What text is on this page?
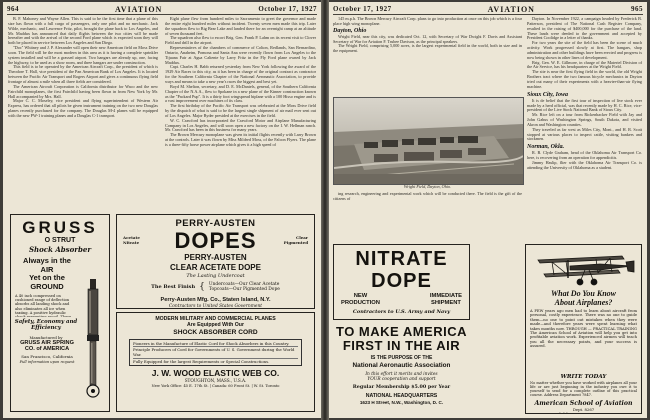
964	AVIATION	October 17, 1927

B. F. Mahoney and Wayne Allen. This is said to be the first time that a plane of this size has flown with a full cargo of passengers, only one pilot and no mechanic. Jack Wilde, mechanic, and Lawrence Fritz, pilot, brought the plane back to Los Angeles, and Mr. Maddux has announced that daily flights between the two cities will be made hereafter and with the arrival of the second Ford plane which is expected soon they will both be placed in service between Los Angeles and San Diego.

"Doc" Whitney and J. P. Alexander will open their new American field on Moss Drive soon. The field will be the most modern in this area as it is having a complete sprinkler system installed and will be a grassed airport. Two hangars are already up, one, facing the highway, to be used as a show room, and three hangars are under construction.

This field is to be operated by the American Aircraft Corp., the president of which is Theodore T. Hall, vice president of the Pan American Bank of Los Angeles. It is located between the Pacific Air Transport and Rogers Airport and gives a continuous flying field frontage of almost a mile when all three fields are considered.

The American Aircraft Corporation is California distributor for Waco and the new Fairchild monoplanes, the first Fairchild having been flown in from New York by Mr. Hall accompanied by Mrs. Hall.

Major C. C. Moseley, vice president and flying superintendent of Western Air Express, has ordered that all pilots be given instrument training on the two new Douglas planes recently purchased for the company. The Douglas M-4 planes will be equipped with the new PW-1 training planes and a Douglas C-1 transport.

Eight plane flew from hundred miles to Sacramento to greet the governor and made the entire eight hundred miles without incident. Twenty seven men made this trip. Later the squadron flew to Big Bear Lake and landed there for an overnight camp at an altitude of seven thousand feet.

The squadron also flew to escort Brig. Gen. Frank P. Lahm on its recent visit to Clover Field and drill in the airport.

Representatives of the chambers of commerce of Colton, Redlands, San Bernardino, Ontario, Anaheim, Pomona and Santa Ana were recently flown from Los Angeles to the Tijuana Fair at Agua Caliente by Larry Fritz in the Fly Ford plane owned by Jack Maddux.

Capt. Charles H. Babb returned yesterday from New York following the award of the 1929 Air Races to this city, as it has been in charge of the original contract as contractor for the Southern California Chapter of the National Aeronautic Association, to provide ways and means to take a new year's races the biggest and best yet.

Boyd M. Shelton, secretary, and D. E. McDaniels, general, of the Southern California Chapter of the N.A.A., flew to Spokane in a new plane of the Kinner construction known as the "Packard Pup". It is a thirty foot wingspread biplane with a 100 Hisso engine and is a vast improvement over machines of its class.

The first birthday of the Pacific Air Transport was celebrated at the Moss Drive field by the dispatch of what is said to be the largest single shipment of air mail ever sent out of Los Angeles. Major Ryder presided at the exercises in the field.

W. C. Crawford has incorporated the Crawford Motor and Airplane Manufacturing Company in Los Angeles, and will soon open a new factory on the I. W. Hellman ranch. Mr. Crawford has been in this business for many years.

The Brown Mercury monoplane was given its initial flights recently with Larry Brown at the controls. Later it was flown by Miss Mildred Moss, of the Falcon Flyers. The plane is a three-fifty horse power airplane which gives it a high speed of

GRUSS
O STRUT
Shock Absorber
Always in the
AIR
Yet on the
GROUND
A 40 inch compressed on cushioned range of deflection absorbs all landing shock and also eliminates all ice when taxiing. A positive hydraulic
Safety, Economy and
Efficiency
Manufactured by
GRUSS AIR SPRING
CO. of AMERICA
San Francisco, California
Full information upon request
PERRY-AUSTEN
Acetate
Nitrate	DOPES	Clear
Pigmented
PERRY-AUSTEN
CLEAR ACETATE DOPE
The Lasting Undercoat
The Best Finish { Undercoats—Our Clear Acetate
Topcoats—Our Pigmented Dope
Perry-Austen Mfg. Co., Staten Island, N.Y.
Contractors to United States Government
MODERN MILITARY AND COMMERCIAL PLANES
Are Equipped With Our
SHOCK ABSORBER CORD
Pioneers in the Manufacture of Elastic Cord for Shock Absorbers in this Country.
Principle Producers of Cord for Governments of U. S. Government during the World War.
Fully Equipped for the largest Requirements or Special Constructions.
J. W. WOOD ELASTIC WEB CO.
STOUGHTON, MASS., U.S.A.
New York Office: 45 E. 17th St. | Canada: 60 Front St. | W. St. Toronto
October 17, 1927	AVIATION	965

145 m.p.h. The Brown Mercury Aircraft Corp. plans to go into production at once on this job which is a four place high wing monoplane.

Dayton, Ohio

Wright Field, near this city, was dedicated Oct. 12, with Secretary of War Dwight F. Davis and Assistant Secretary of War for Aviation F. Trubee Davison, as the principal speakers.

The Wright Field, comprising 5,000 acres, is the largest experimental field in the world, both in size and in the equipment.

Wright Field, Dayton, Ohio.

ing research, engineering and experimental work which will be conducted there. The field is the gift of the citizens of

Dayton. In November 1922, a campaign headed by Frederick B. Patterson, president of The National Cash Register Company, resulted in the raising of $400,000 for the purchase of the land. These lands were deeded to the government and accepted by President Coolidge in a letter of thanks.

For two years the site of the field has been the scene of much activity. Work progressed slowly at first. The hangars, shop administration and other buildings have been erected and progress is now being shown in other lines of development.

Brig. Gen. W. E. Gillmore, in charge of the Materiel Division of the Air Service, has his headquarters at the Wright Field.

The site is near the first flying field in the world, the old Wright Brothers tract where the two famous bicycle mechanics in Dayton tried out many of their experiments with a heavier-than-air flying machine.

Sioux City, Iowa

It is de belief that the first tour of inspection of live stock ever made by a herd official, was that recently made by H. C. Rice, vice-president of the Live Stock National Bank of Sioux City.

Mr. Rice left on a tour from Rickenbacker Field with Jay and John Gabus of Washington Springs, South Dakota, and visited Akron and Washington counties.

They traveled as far west as Miles City, Mont., and H. R. Scott stopped at various places to inspect cattle, visiting bankers and stockmen.

Norman, Okla.

R. B. Clyde Graham, head of the Oklahoma Air Transport Co. here, is recovering from an operation for appendicitis.

Jimmy Haslip, flier with the Oklahoma Air Transport Co. is attending the University of Oklahoma as a student.

NITRATE DOPE
NEW
PRODUCTION
IMMEDIATE
SHIPMENT
Contractors to U.S. Army and Navy
TO MAKE AMERICA
FIRST IN THE AIR
IS THE PURPOSE OF THE
National Aeronautic Association
In this effort it merits and invites
YOUR cooperation and support
Regular Membership $5.00 per Year
NATIONAL HEADQUARTERS
1623 H Street, N.W., Washington, D. C.
What Do You Know
About Airplanes?
A FEW years ago men had to learn about aircraft from personal, costly experience. There was no one to guide them—no one to point out mistakes when they were made—and therefore years were spent learning what takes months now. THROUGH — PRACTICAL TRAINING The American School of Aviation will help you get into profitable aviation work. Experienced airmen will teach you all the necessary points, and your success is assured.
WRITE TODAY
No matter whether you have worked with airplanes all your life or are just beginning in the industry you owe it to yourself to send for a complete outline of this practical course. Address Department 7847.
American School of Aviation
Dept. 8267
